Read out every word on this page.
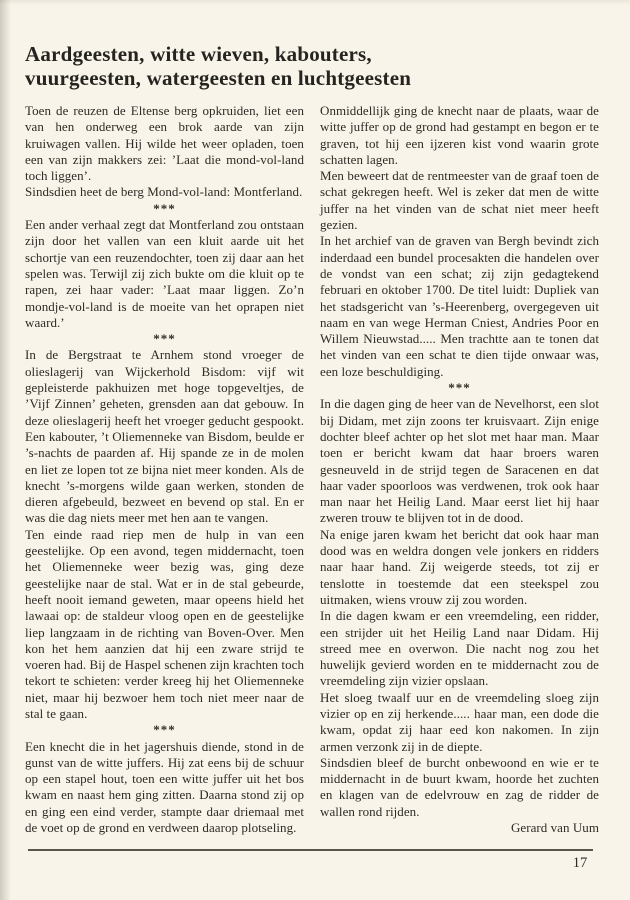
Aardgeesten, witte wieven, kabouters,
vuurgeesten, watergeesten en luchtgeesten

Toen de reuzen de Eltense berg opkruiden, liet een van hen onderweg een brok aarde van zijn kruiwagen vallen. Hij wilde het weer opladen, toen een van zijn makkers zei: ’Laat die mond-vol-land toch liggen’.

Sindsdien heet de berg Mond-vol-land: Montferland.

***

Een ander verhaal zegt dat Montferland zou ontstaan zijn door het vallen van een kluit aarde uit het schortje van een reuzendochter, toen zij daar aan het spelen was. Terwijl zij zich bukte om die kluit op te rapen, zei haar vader: ’Laat maar liggen. Zo’n mondje-vol-land is de moeite van het oprapen niet waard.’

***

In de Bergstraat te Arnhem stond vroeger de olieslagerij van Wijckerhold Bisdom: vijf wit gepleisterde pakhuizen met hoge topgeveltjes, de ’Vijf Zinnen’ geheten, grensden aan dat gebouw. In deze olieslagerij heeft het vroeger geducht gespookt. Een kabouter, ’t Oliemenneke van Bisdom, beulde er ’s-nachts de paarden af. Hij spande ze in de molen en liet ze lopen tot ze bijna niet meer konden. Als de knecht ’s-morgens wilde gaan werken, stonden de dieren afgebeuld, bezweet en bevend op stal. En er was die dag niets meer met hen aan te vangen.

Ten einde raad riep men de hulp in van een geestelijke. Op een avond, tegen middernacht, toen het Oliemenneke weer bezig was, ging deze geestelijke naar de stal. Wat er in de stal gebeurde, heeft nooit iemand geweten, maar opeens hield het lawaai op: de staldeur vloog open en de geestelijke liep langzaam in de richting van Boven-Over. Men kon het hem aanzien dat hij een zware strijd te voeren had. Bij de Haspel schenen zijn krachten toch tekort te schieten: verder kreeg hij het Oliemenneke niet, maar hij bezwoer hem toch niet meer naar de stal te gaan.

***

Een knecht die in het jagershuis diende, stond in de gunst van de witte juffers. Hij zat eens bij de schuur op een stapel hout, toen een witte juffer uit het bos kwam en naast hem ging zitten. Daarna stond zij op en ging een eind verder, stampte daar driemaal met de voet op de grond en verdween daarop plotseling.

Onmiddellijk ging de knecht naar de plaats, waar de witte juffer op de grond had gestampt en begon er te graven, tot hij een ijzeren kist vond waarin grote schatten lagen.

Men beweert dat de rentmeester van de graaf toen de schat gekregen heeft. Wel is zeker dat men de witte juffer na het vinden van de schat niet meer heeft gezien.

In het archief van de graven van Bergh bevindt zich inderdaad een bundel procesakten die handelen over de vondst van een schat; zij zijn gedagtekend februari en oktober 1700. De titel luidt: Dupliek van het stadsgericht van ’s-Heerenberg, overgegeven uit naam en van wege Herman Cniest, Andries Poor en Willem Nieuwstad..... Men trachtte aan te tonen dat het vinden van een schat te dien tijde onwaar was, een loze beschuldiging.

***

In die dagen ging de heer van de Nevelhorst, een slot bij Didam, met zijn zoons ter kruisvaart. Zijn enige dochter bleef achter op het slot met haar man. Maar toen er bericht kwam dat haar broers waren gesneuveld in de strijd tegen de Saracenen en dat haar vader spoorloos was verdwenen, trok ook haar man naar het Heilig Land. Maar eerst liet hij haar zweren trouw te blijven tot in de dood.

Na enige jaren kwam het bericht dat ook haar man dood was en weldra dongen vele jonkers en ridders naar haar hand. Zij weigerde steeds, tot zij er tenslotte in toestemde dat een steekspel zou uitmaken, wiens vrouw zij zou worden.

In die dagen kwam er een vreemdeling, een ridder, een strijder uit het Heilig Land naar Didam. Hij streed mee en overwon. Die nacht nog zou het huwelijk gevierd worden en te middernacht zou de vreemdeling zijn vizier opslaan.

Het sloeg twaalf uur en de vreemdeling sloeg zijn vizier op en zij herkende..... haar man, een dode die kwam, opdat zij haar eed kon nakomen. In zijn armen verzonk zij in de diepte.

Sindsdien bleef de burcht onbewoond en wie er te middernacht in de buurt kwam, hoorde het zuchten en klagen van de edelvrouw en zag de ridder de wallen rond rijden.

Gerard van Uum

17
